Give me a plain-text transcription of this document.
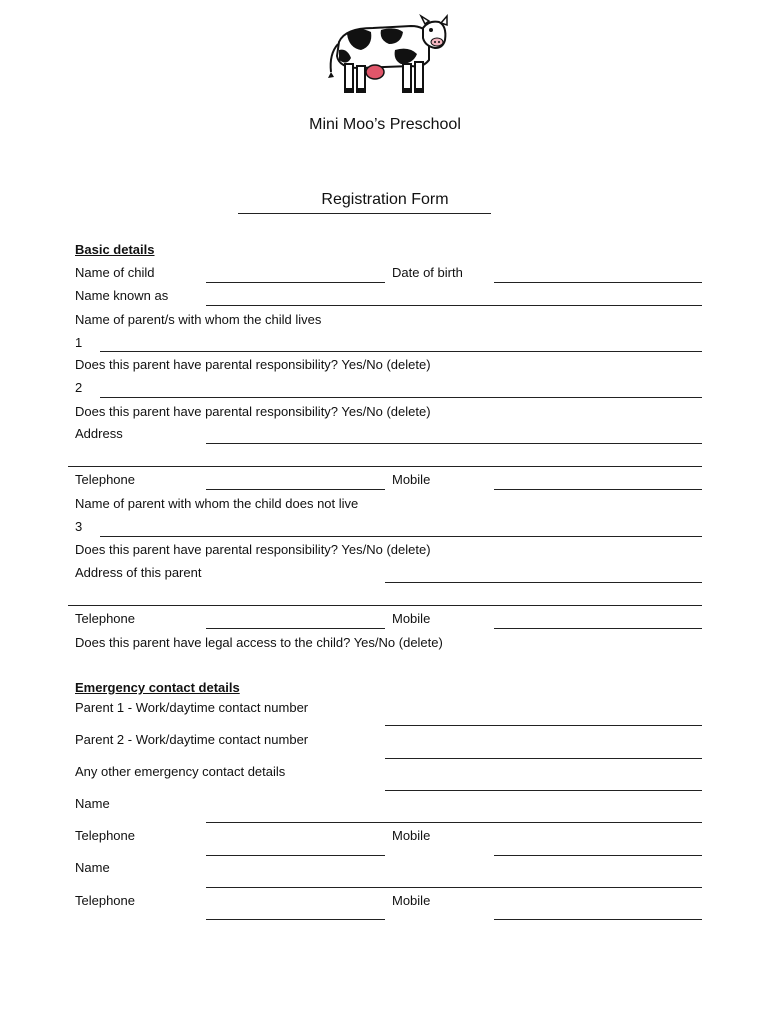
Mini Moo’s Preschool
Registration Form
Basic details
Name of child	Date of birth
Name known as
Name of parent/s with whom the child lives
1
Does this parent have parental responsibility? Yes/No (delete)
2
Does this parent have parental responsibility? Yes/No (delete)
Address
Telephone	Mobile
Name of parent with whom the child does not live
3
Does this parent have parental responsibility? Yes/No (delete)
Address of this parent
Telephone	Mobile
Does this parent have legal access to the child? Yes/No (delete)
Emergency contact details
Parent 1 - Work/daytime contact number
Parent 2 - Work/daytime contact number
Any other emergency contact details
Name
Telephone	Mobile
Name
Telephone	Mobile
